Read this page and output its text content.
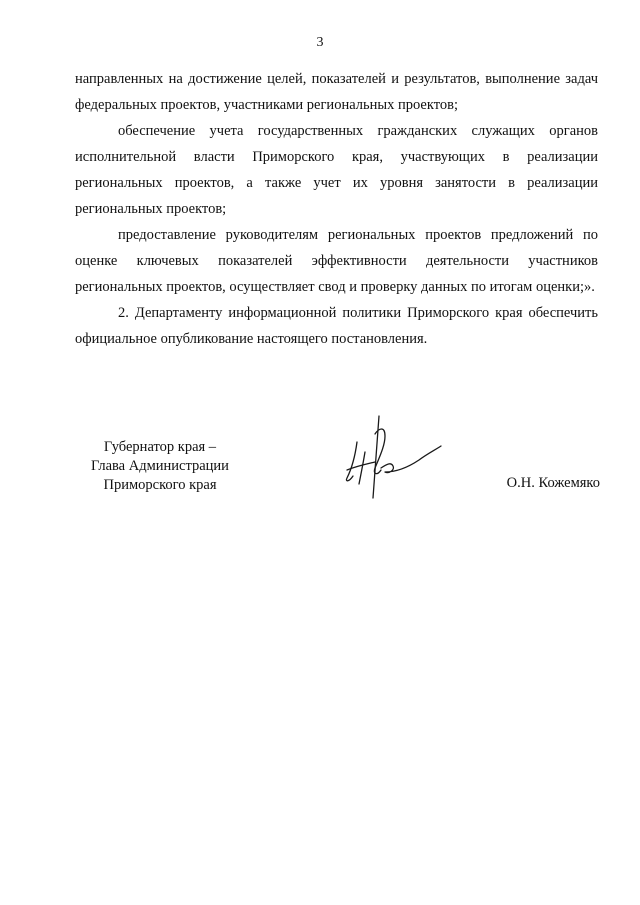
3

направленных на достижение целей, показателей и результатов, выполнение задач федеральных проектов, участниками региональных проектов;

обеспечение учета государственных гражданских служащих органов исполнительной власти Приморского края, участвующих в реализации региональных проектов, а также учет их уровня занятости в реализации региональных проектов;

предоставление руководителям региональных проектов предложений по оценке ключевых показателей эффективности деятельности участников региональных проектов, осуществляет свод и проверку данных по итогам оценки;».

2. Департаменту информационной политики Приморского края обеспечить официальное опубликование настоящего постановления.

Губернатор края –
Глава Администрации
Приморского края	О.Н. Кожемяко
